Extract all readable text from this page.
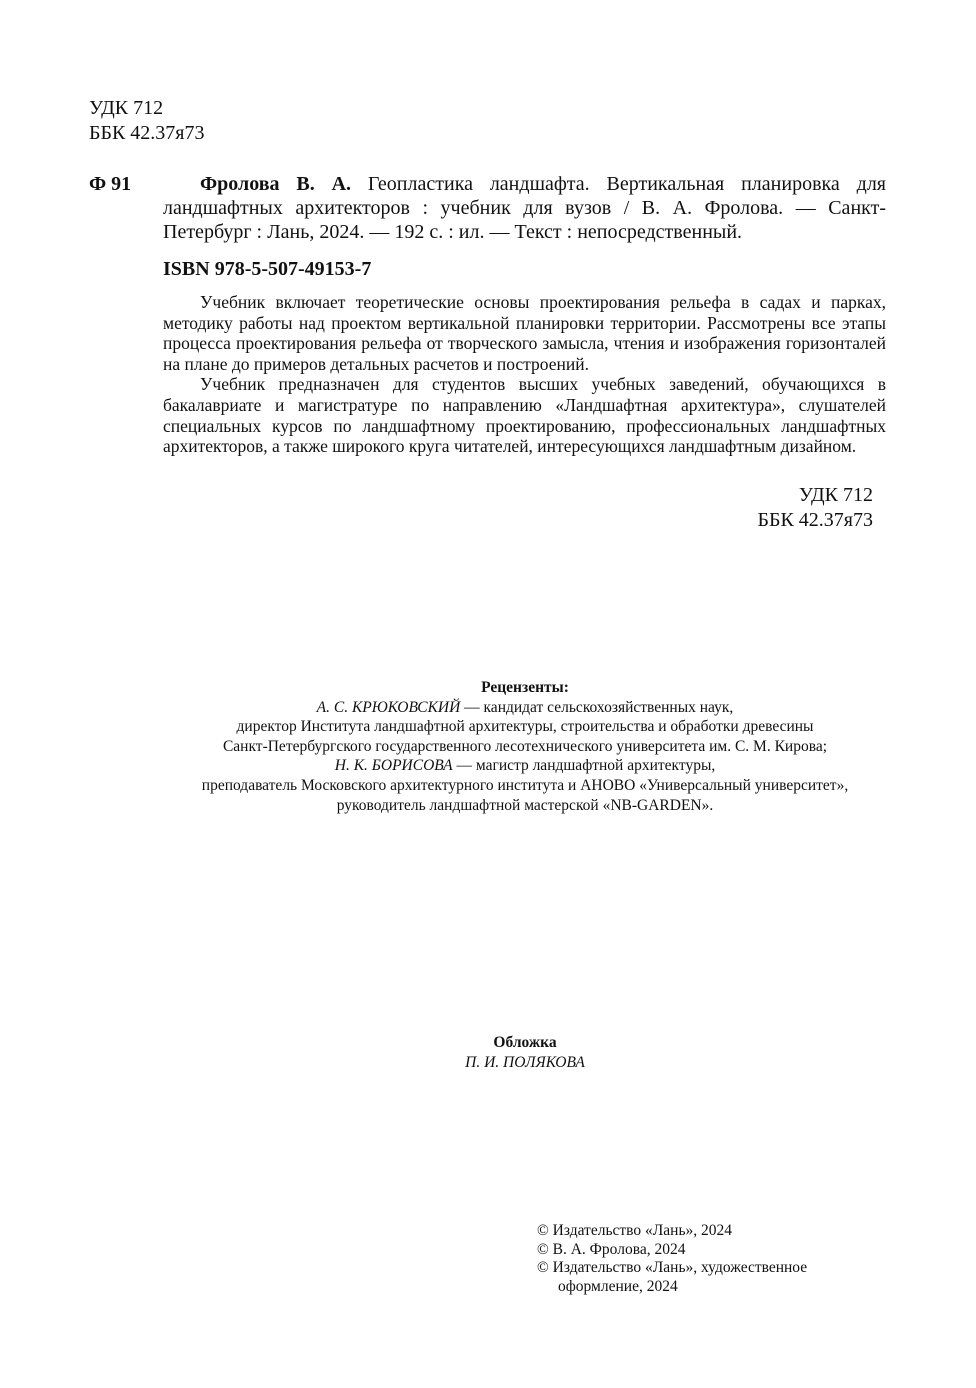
УДК 712
ББК 42.37я73
Ф 91	Фролова В. А. Геопластика ландшафта. Вертикальная планировка для ландшафтных архитекторов : учебник для вузов / В. А. Фролова. — Санкт-Петербург : Лань, 2024. — 192 с. : ил. — Текст : непосредственный.
ISBN 978-5-507-49153-7

Учебник включает теоретические основы проектирования рельефа в садах и парках, методику работы над проектом вертикальной планировки территории. Рассмотрены все этапы процесса проектирования рельефа от творческого замысла, чтения и изображения горизонталей на плане до примеров детальных расчетов и построений.

Учебник предназначен для студентов высших учебных заведений, обучающихся в бакалавриате и магистратуре по направлению «Ландшафтная архитектура», слушателей специальных курсов по ландшафтному проектированию, профессиональных ландшафтных архитекторов, а также широкого круга читателей, интересующихся ландшафтным дизайном.

УДК 712
ББК 42.37я73
Рецензенты:
А. С. КРЮКОВСКИЙ — кандидат сельскохозяйственных наук,
директор Института ландшафтной архитектуры, строительства и обработки древесины
Санкт-Петербургского государственного лесотехнического университета им. С. М. Кирова;
Н. К. БОРИСОВА — магистр ландшафтной архитектуры,
преподаватель Московского архитектурного института и АНОВО «Универсальный университет»,
руководитель ландшафтной мастерской «NB-GARDEN».
Обложка
П. И. ПОЛЯКОВА
© Издательство «Лань», 2024
© В. А. Фролова, 2024
© Издательство «Лань», художественное
оформление, 2024
